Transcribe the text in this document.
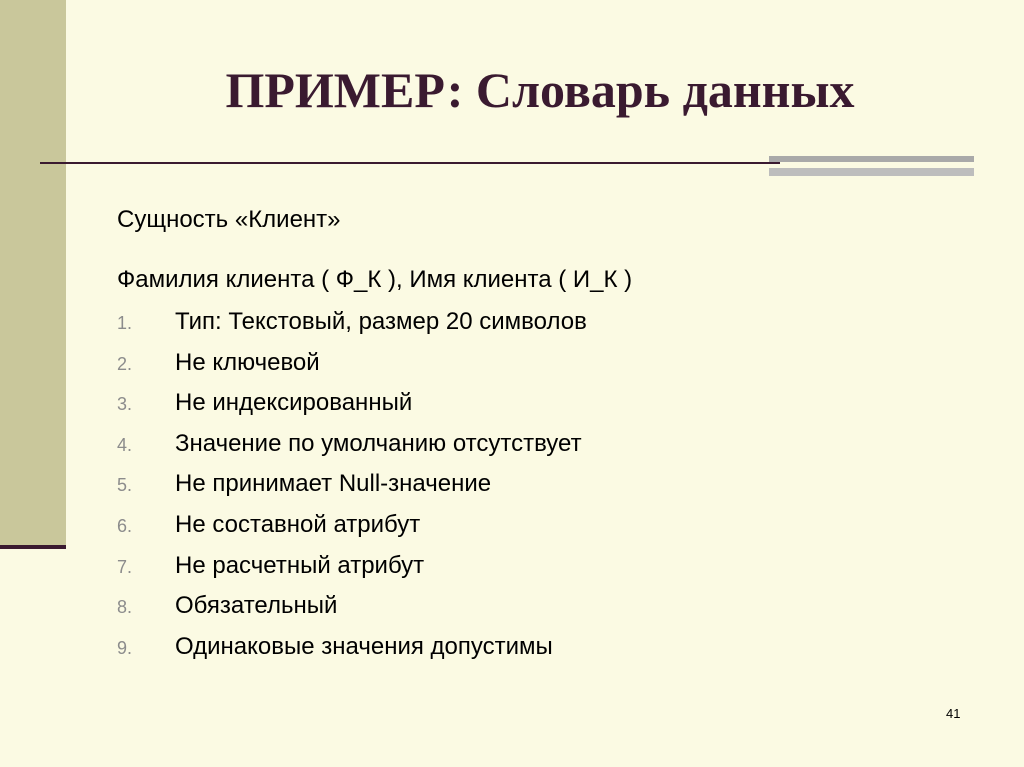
ПРИМЕР: Словарь данных

Сущность «Клиент»

Фамилия клиента ( Ф_К ), Имя клиента ( И_К )

1.	Тип: Текстовый, размер 20 символов
2.	Не ключевой
3.	Не индексированный
4.	Значение по умолчанию отсутствует
5.	Не принимает Null-значение
6.	Не составной атрибут
7.	Не расчетный атрибут
8.	Обязательный
9.	Одинаковые значения допустимы
41
